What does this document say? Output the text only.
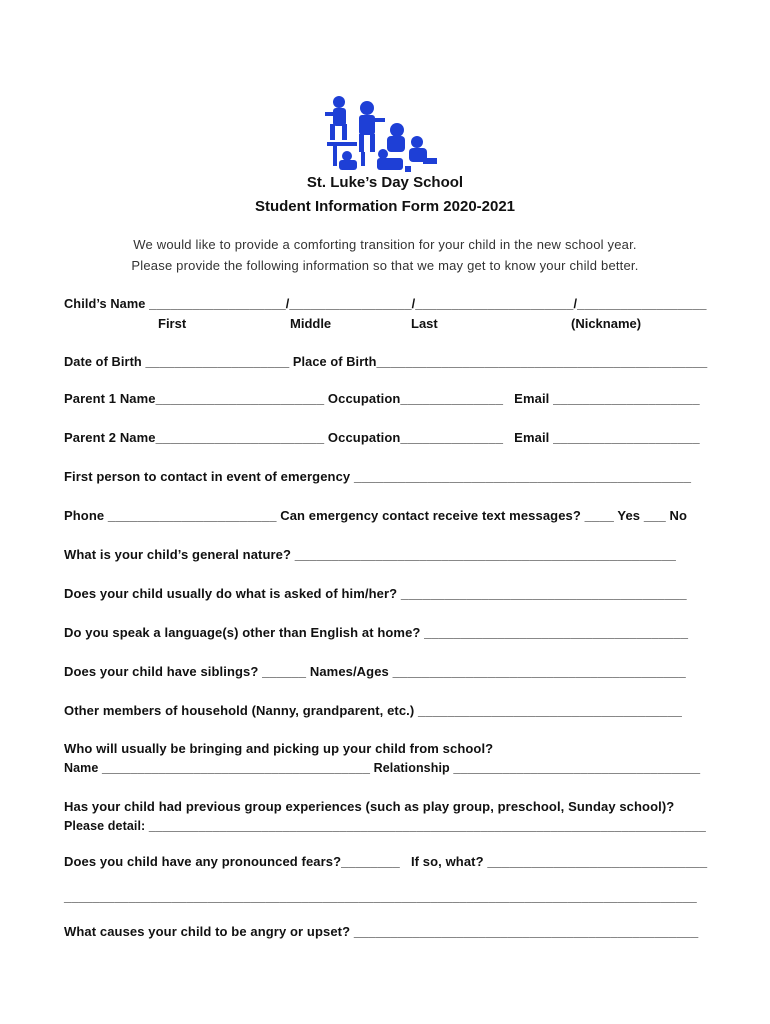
St. Luke’s Day School
Student Information Form 2020-2021
We would like to provide a comforting transition for your child in the new school year.
Please provide the following information so that we may get to know your child better.
Child’s Name ___________________/_________________/______________________/__________________
First	Middle	Last	(Nickname)
Date of Birth ____________________ Place of Birth______________________________________________
Parent 1 Name_______________________ Occupation______________   Email ____________________
Parent 2 Name_______________________ Occupation______________   Email ____________________
First person to contact in event of emergency ______________________________________________
Phone _______________________ Can emergency contact receive text messages? ____ Yes ___ No
What is your child’s general nature? ____________________________________________________
Does your child usually do what is asked of him/her? _______________________________________
Do you speak a language(s) other than English at home? ____________________________________
Does your child have siblings? ______ Names/Ages ________________________________________
Other members of household (Nanny, grandparent, etc.) ____________________________________
Who will usually be bringing and picking up your child from school?
Name ______________________________________ Relationship ___________________________________
Has your child had previous group experiences (such as play group, preschool, Sunday school)?
Please detail: _______________________________________________________________________________
Does you child have any pronounced fears?________   If so, what? ______________________________
________________________________________________________________________________________
What causes your child to be angry or upset? _______________________________________________
